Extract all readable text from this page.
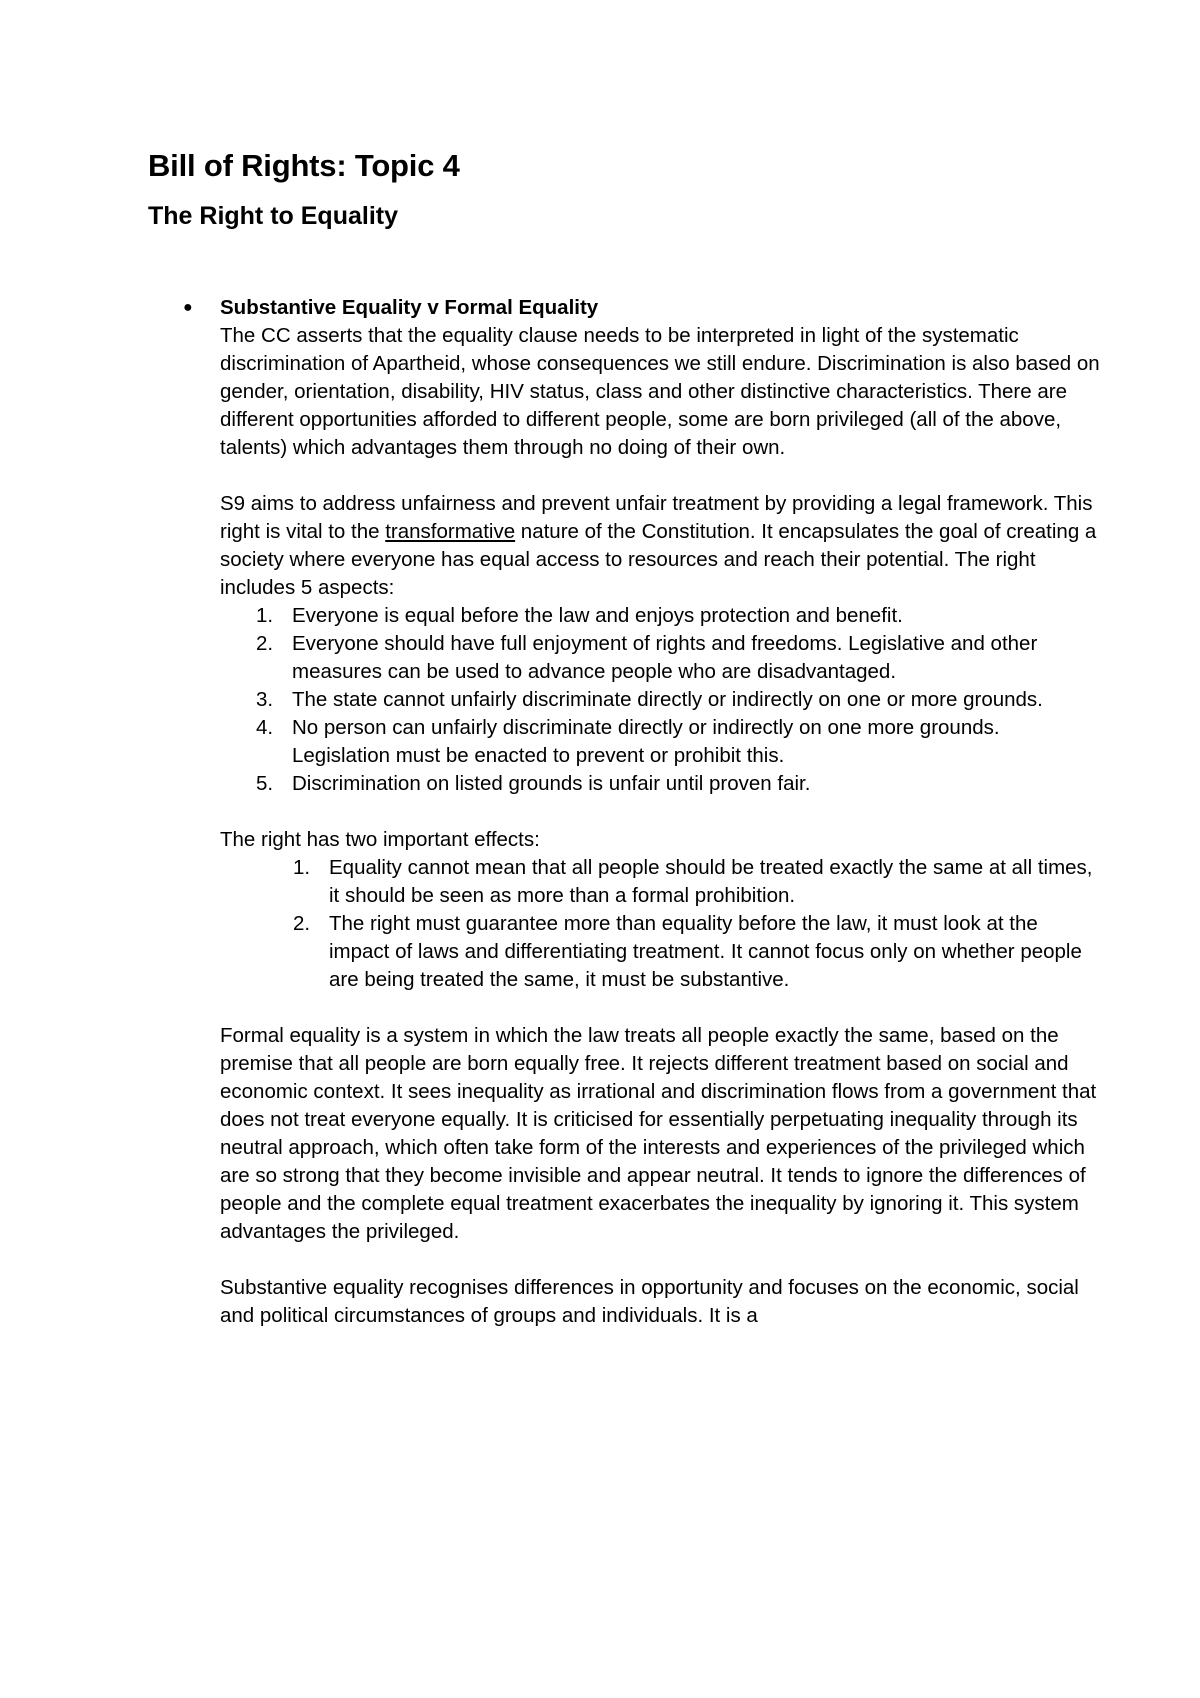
Bill of Rights: Topic 4
The Right to Equality
● Substantive Equality v Formal Equality

The CC asserts that the equality clause needs to be interpreted in light of the systematic discrimination of Apartheid, whose consequences we still endure. Discrimination is also based on gender, orientation, disability, HIV status, class and other distinctive characteristics. There are different opportunities afforded to different people, some are born privileged (all of the above, talents) which advantages them through no doing of their own.

S9 aims to address unfairness and prevent unfair treatment by providing a legal framework. This right is vital to the transformative nature of the Constitution. It encapsulates the goal of creating a society where everyone has equal access to resources and reach their potential. The right includes 5 aspects:

1. Everyone is equal before the law and enjoys protection and benefit.
2. Everyone should have full enjoyment of rights and freedoms. Legislative and other measures can be used to advance people who are disadvantaged.
3. The state cannot unfairly discriminate directly or indirectly on one or more grounds.
4. No person can unfairly discriminate directly or indirectly on one more grounds. Legislation must be enacted to prevent or prohibit this.
5. Discrimination on listed grounds is unfair until proven fair.

The right has two important effects:

1. Equality cannot mean that all people should be treated exactly the same at all times, it should be seen as more than a formal prohibition.
2. The right must guarantee more than equality before the law, it must look at the impact of laws and differentiating treatment. It cannot focus only on whether people are being treated the same, it must be substantive.

Formal equality is a system in which the law treats all people exactly the same, based on the premise that all people are born equally free. It rejects different treatment based on social and economic context. It sees inequality as irrational and discrimination flows from a government that does not treat everyone equally. It is criticised for essentially perpetuating inequality through its neutral approach, which often take form of the interests and experiences of the privileged which are so strong that they become invisible and appear neutral. It tends to ignore the differences of people and the complete equal treatment exacerbates the inequality by ignoring it. This system advantages the privileged.

Substantive equality recognises differences in opportunity and focuses on the economic, social and political circumstances of groups and individuals. It is a
